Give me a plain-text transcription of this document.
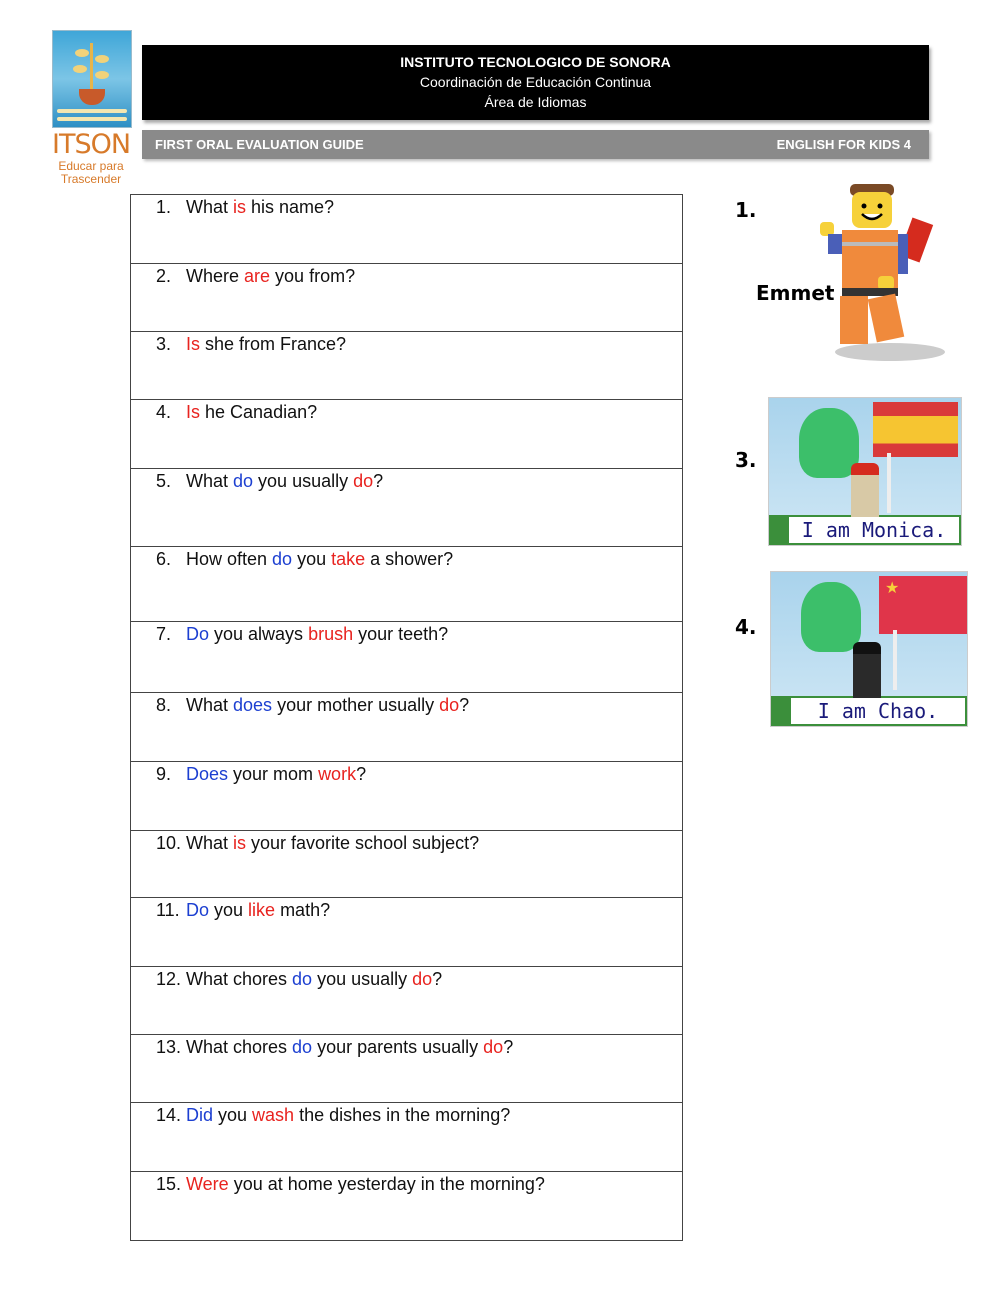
ITSON
Educar para
Trascender
INSTITUTO TECNOLOGICO DE SONORA
Coordinación de Educación Continua
Área de Idiomas
FIRST ORAL EVALUATION GUIDE	ENGLISH FOR KIDS 4
1. What is his name?

2. Where are you from?

3. Is she from France?

4. Is he Canadian?

5. What do you usually do?

6. How often do you take a shower?

7. Do you always brush your teeth?

8. What does your mother usually do?

9. Does your mom work?

10. What is your favorite school subject?

11. Do you like math?

12. What chores do you usually do?

13. What chores do your parents usually do?

14. Did you wash the dishes in the morning?

15. Were you at home yesterday in the morning?
1.
Emmet
3.
I am Monica.
4.
★
I am Chao.
